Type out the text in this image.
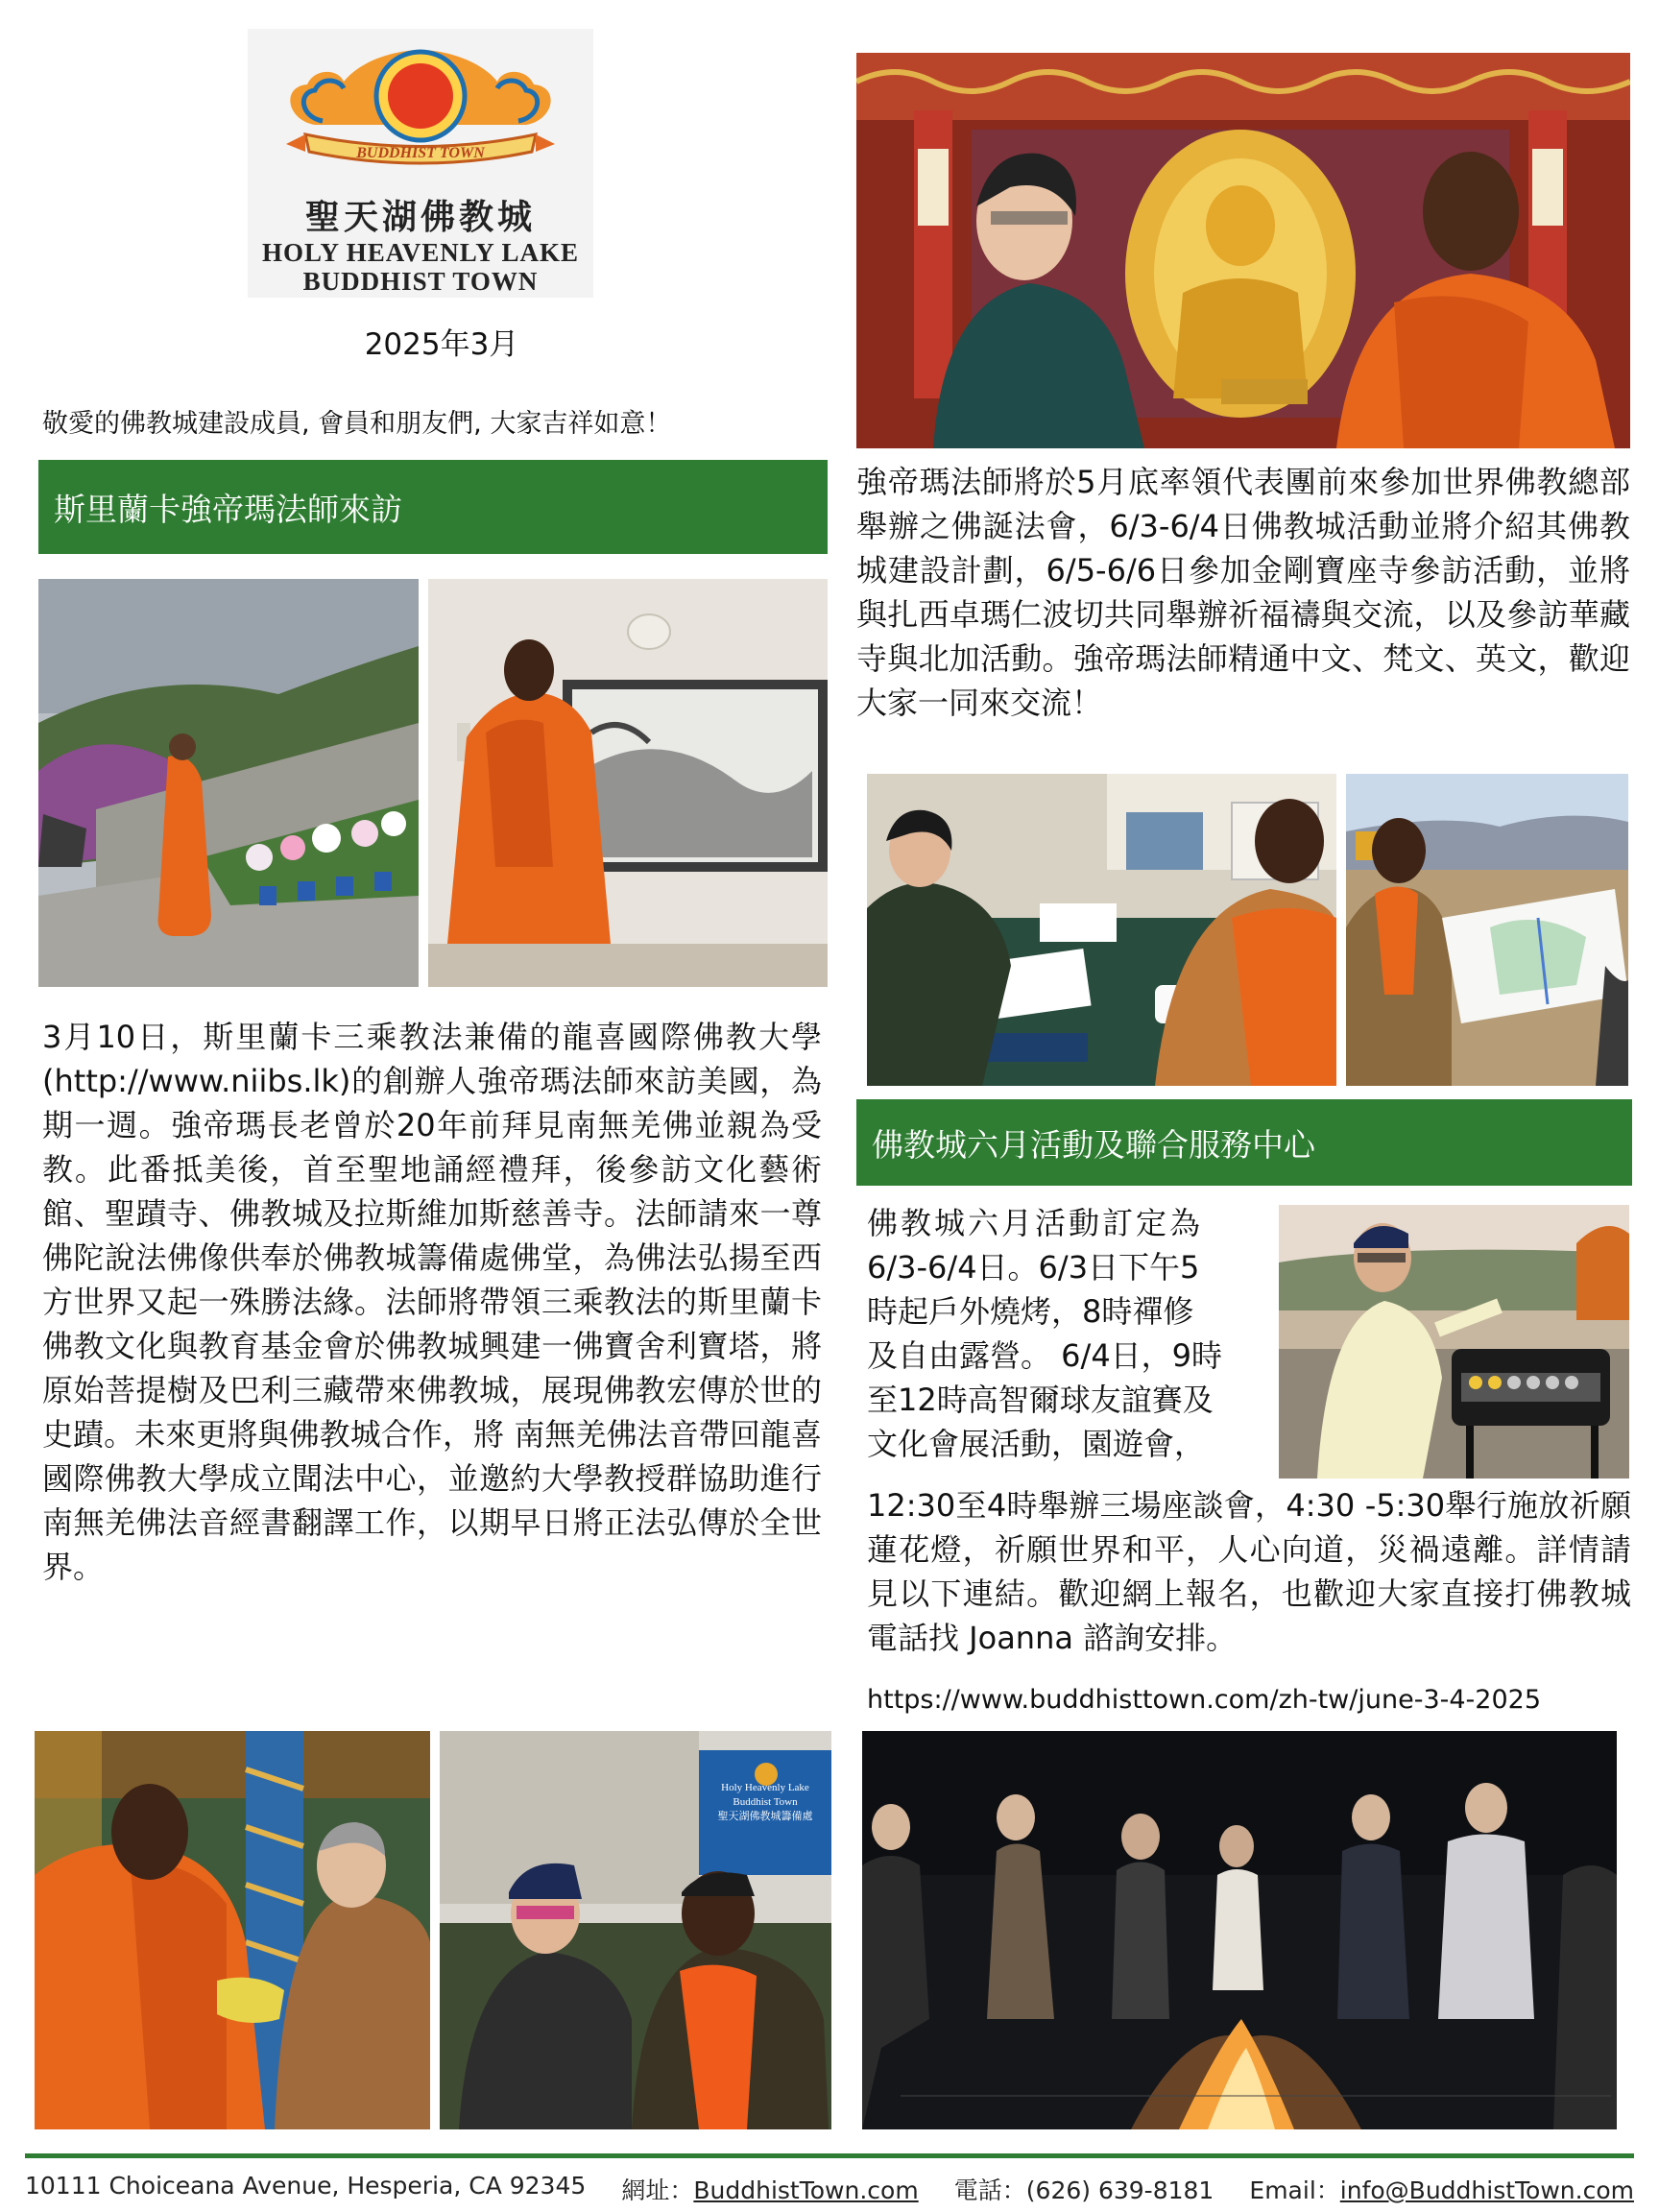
BUDDHIST TOWN
聖天湖佛教城
HOLY HEAVENLY LAKE
BUDDHIST TOWN
2025年3月
敬愛的佛教城建設成員, 會員和朋友們, 大家吉祥如意！
斯里蘭卡強帝瑪法師來訪
3月10日，斯里蘭卡三乘教法兼備的龍喜國際佛教大學(http://www.niibs.lk)的創辦人強帝瑪法師來訪美國，為期一週。強帝瑪長老曾於20年前拜見南無羌佛並親為受教。此番抵美後，首至聖地誦經禮拜，後參訪文化藝術館、聖蹟寺、佛教城及拉斯維加斯慈善寺。法師請來一尊佛陀說法佛像供奉於佛教城籌備處佛堂，為佛法弘揚至西方世界又起一殊勝法緣。法師將帶領三乘教法的斯里蘭卡佛教文化與教育基金會於佛教城興建一佛寶舍利寶塔，將原始菩提樹及巴利三藏帶來佛教城，展現佛教宏傳於世的史蹟。未來更將與佛教城合作，將 南無羌佛法音帶回龍喜國際佛教大學成立聞法中心，並邀約大學教授群協助進行南無羌佛法音經書翻譯工作，以期早日將正法弘傳於全世界。
強帝瑪法師將於5月底率領代表團前來參加世界佛教總部舉辦之佛誕法會，6/3-6/4日佛教城活動並將介紹其佛教城建設計劃，6/5-6/6日參加金剛寶座寺參訪活動，並將與扎西卓瑪仁波切共同舉辦祈福禱與交流，以及參訪華藏寺與北加活動。強帝瑪法師精通中文、梵文、英文，歡迎大家一同來交流！
佛教城六月活動及聯合服務中心
佛教城六月活動訂定為
6/3-6/4日。6/3日下午5
時起戶外燒烤，8時禪修
及自由露營。 6/4日，9時
至12時高智爾球友誼賽及
文化會展活動，園遊會，
12:30至4時舉辦三場座談會，4:30 -5:30舉行施放祈願蓮花燈，祈願世界和平，人心向道，災禍遠離。詳情請見以下連結。歡迎網上報名，也歡迎大家直接打佛教城電話找 Joanna 諮詢安排。
https://www.buddhisttown.com/zh-tw/june-3-4-2025
Holy Heavenly Lake Buddhist Town
聖天湖佛教城籌備處
10111 Choiceana Avenue, Hesperia, CA 92345 網址：BuddhistTown.com 電話：(626) 639-8181 Email：info@BuddhistTown.com
